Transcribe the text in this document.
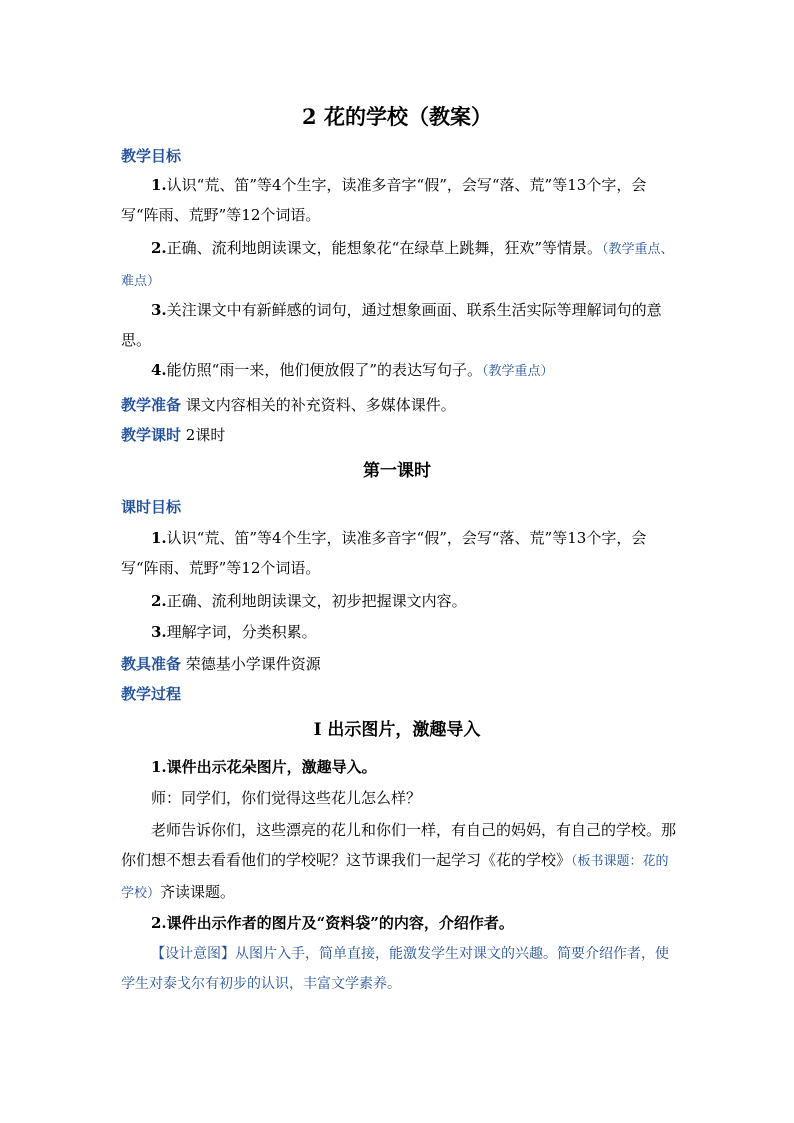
2 花的学校（教案）
教学目标

1.认识“荒、笛”等4个生字，读准多音字“假”，会写“落、荒”等13个字，会写“阵雨、荒野”等12个词语。

2.正确、流利地朗读课文，能想象花“在绿草上跳舞，狂欢”等情景。（教学重点、难点）

3.关注课文中有新鲜感的词句，通过想象画面、联系生活实际等理解词句的意思。

4.能仿照“雨一来，他们便放假了”的表达写句子。（教学重点）

教学准备 课文内容相关的补充资料、多媒体课件。
教学课时 2课时
第一课时
课时目标

1.认识“荒、笛”等4个生字，读准多音字“假”，会写“落、荒”等13个字，会写“阵雨、荒野”等12个词语。

2.正确、流利地朗读课文，初步把握课文内容。

3.理解字词，分类积累。

教具准备 荣德基小学课件资源
教学过程
Ⅰ 出示图片，激趣导入

1.课件出示花朵图片，激趣导入。

师：同学们，你们觉得这些花儿怎么样？

老师告诉你们，这些漂亮的花儿和你们一样，有自己的妈妈，有自己的学校。那你们想不想去看看他们的学校呢？这节课我们一起学习《花的学校》（板书课题：花的学校）齐读课题。

2.课件出示作者的图片及“资料袋”的内容，介绍作者。

【设计意图】从图片入手，简单直接，能激发学生对课文的兴趣。简要介绍作者，使学生对泰戈尔有初步的认识，丰富文学素养。
